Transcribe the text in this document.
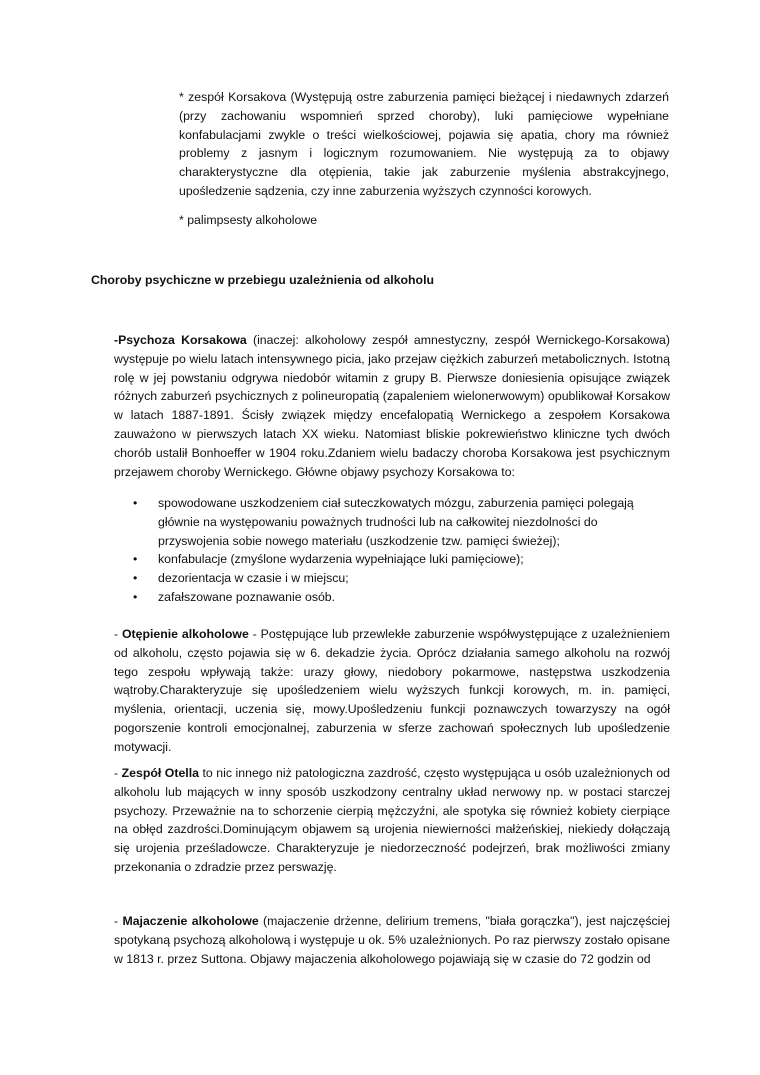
* zespół Korsakova (Występują ostre zaburzenia pamięci bieżącej i niedawnych zdarzeń (przy zachowaniu wspomnień sprzed choroby), luki pamięciowe wypełniane konfabulacjami zwykle o treści wielkościowej, pojawia się apatia, chory ma również problemy z jasnym i logicznym rozumowaniem. Nie występują za to objawy charakterystyczne dla otępienia, takie jak zaburzenie myślenia abstrakcyjnego, upośledzenie sądzenia, czy inne zaburzenia wyższych czynności korowych.

* palimpsesty alkoholowe

Choroby psychiczne w przebiegu uzależnienia od alkoholu

-Psychoza Korsakowa (inaczej: alkoholowy zespół amnestyczny, zespół Wernickego-Korsakowa) występuje po wielu latach intensywnego picia, jako przejaw ciężkich zaburzeń metabolicznych. Istotną rolę w jej powstaniu odgrywa niedobór witamin z grupy B. Pierwsze doniesienia opisujące związek różnych zaburzeń psychicznych z polineuropatią (zapaleniem wielonerwowym) opublikował Korsakow w latach 1887-1891. Ścisły związek między encefalopatią Wernickego a zespołem Korsakowa zauważono w pierwszych latach XX wieku. Natomiast bliskie pokrewieństwo kliniczne tych dwóch chorób ustalił Bonhoeffer w 1904 roku.Zdaniem wielu badaczy choroba Korsakowa jest psychicznym przejawem choroby Wernickego. Główne objawy psychozy Korsakowa to:

• spowodowane uszkodzeniem ciał suteczkowatych mózgu, zaburzenia pamięci polegają głównie na występowaniu poważnych trudności lub na całkowitej niezdolności do przyswojenia sobie nowego materiału (uszkodzenie tzw. pamięci świeżej);
• konfabulacje (zmyślone wydarzenia wypełniające luki pamięciowe);
• dezorientacja w czasie i w miejscu;
• zafałszowane poznawanie osób.

- Otępienie alkoholowe - Postępujące lub przewlekłe zaburzenie współwystępujące z uzależnieniem od alkoholu, często pojawia się w 6. dekadzie życia. Oprócz działania samego alkoholu na rozwój tego zespołu wpływają także: urazy głowy, niedobory pokarmowe, następstwa uszkodzenia wątroby.Charakteryzuje się upośledzeniem wielu wyższych funkcji korowych, m. in. pamięci, myślenia, orientacji, uczenia się, mowy.Upośledzeniu funkcji poznawczych towarzyszy na ogół pogorszenie kontroli emocjonalnej, zaburzenia w sferze zachowań społecznych lub upośledzenie motywacji.

- Zespół Otella to nic innego niż patologiczna zazdrość, często występująca u osób uzależnionych od alkoholu lub mających w inny sposób uszkodzony centralny układ nerwowy np. w postaci starczej psychozy. Przeważnie na to schorzenie cierpią mężczyźni, ale spotyka się również kobiety cierpiące na obłęd zazdrości.Dominującym objawem są urojenia niewierności małżeńskiej, niekiedy dołączają się urojenia prześladowcze. Charakteryzuje je niedorzeczność podejrzeń, brak możliwości zmiany przekonania o zdradzie przez perswazję.

- Majaczenie alkoholowe (majaczenie drżenne, delirium tremens, "biała gorączka"), jest najczęściej spotykaną psychozą alkoholową i występuje u ok. 5% uzależnionych. Po raz pierwszy zostało opisane w 1813 r. przez Suttona. Objawy majaczenia alkoholowego pojawiają się w czasie do 72 godzin od
